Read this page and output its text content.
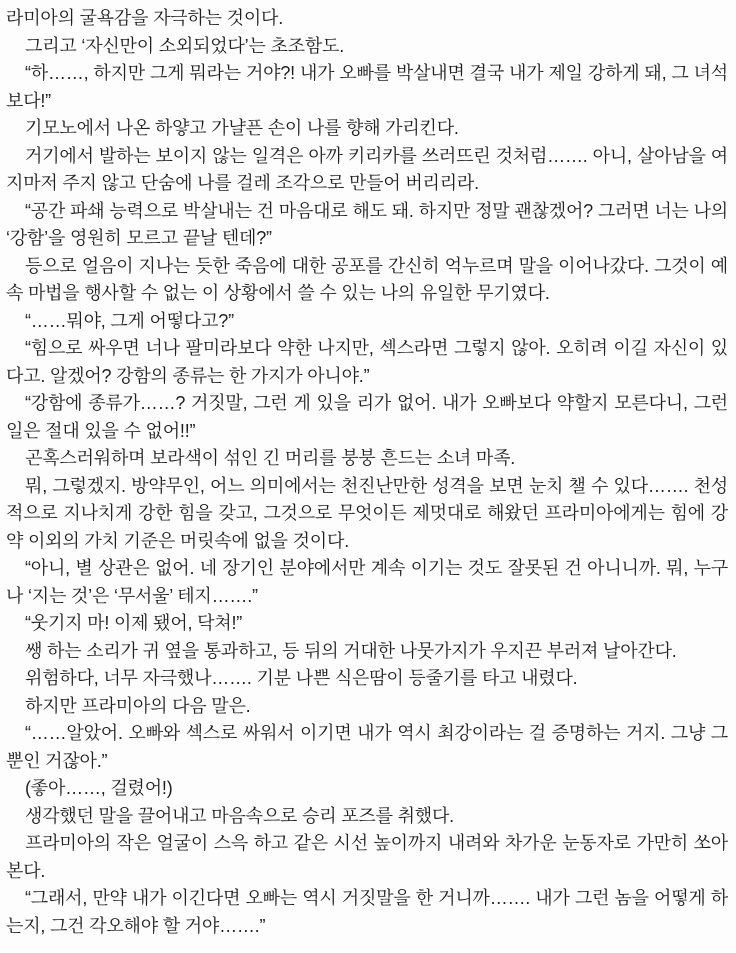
라미아의 굴욕감을 자극하는 것이다.

그리고 ‘자신만이 소외되었다’는 초조함도.

“하……, 하지만 그게 뭐라는 거야?! 내가 오빠를 박살내면 결국 내가 제일 강하게 돼, 그 녀석보다!”

기모노에서 나온 하얗고 가냘픈 손이 나를 향해 가리킨다.

거기에서 발하는 보이지 않는 일격은 아까 키리카를 쓰러뜨린 것처럼……. 아니, 살아남을 여지마저 주지 않고 단숨에 나를 걸레 조각으로 만들어 버리리라.

“공간 파쇄 능력으로 박살내는 건 마음대로 해도 돼. 하지만 정말 괜찮겠어? 그러면 너는 나의 ‘강함’을 영원히 모르고 끝날 텐데?”

등으로 얼음이 지나는 듯한 죽음에 대한 공포를 간신히 억누르며 말을 이어나갔다. 그것이 예속 마법을 행사할 수 없는 이 상황에서 쓸 수 있는 나의 유일한 무기였다.

“……뭐야, 그게 어떻다고?”

“힘으로 싸우면 너나 팔미라보다 약한 나지만, 섹스라면 그렇지 않아. 오히려 이길 자신이 있다고. 알겠어? 강함의 종류는 한 가지가 아니야.”

“강함에 종류가……? 거짓말, 그런 게 있을 리가 없어. 내가 오빠보다 약할지 모른다니, 그런 일은 절대 있을 수 없어!!”

곤혹스러워하며 보라색이 섞인 긴 머리를 붕붕 흔드는 소녀 마족.

뭐, 그렇겠지. 방약무인, 어느 의미에서는 천진난만한 성격을 보면 눈치 챌 수 있다……. 천성적으로 지나치게 강한 힘을 갖고, 그것으로 무엇이든 제멋대로 해왔던 프라미아에게는 힘에 강약 이외의 가치 기준은 머릿속에 없을 것이다.

“아니, 별 상관은 없어. 네 장기인 분야에서만 계속 이기는 것도 잘못된 건 아니니까. 뭐, 누구나 ‘지는 것’은 ‘무서울’ 테지…….”

“웃기지 마! 이제 됐어, 닥쳐!”

쌩 하는 소리가 귀 옆을 통과하고, 등 뒤의 거대한 나뭇가지가 우지끈 부러져 날아간다.

위험하다, 너무 자극했나……. 기분 나쁜 식은땀이 등줄기를 타고 내렸다.

하지만 프라미아의 다음 말은.

“……알았어. 오빠와 섹스로 싸워서 이기면 내가 역시 최강이라는 걸 증명하는 거지. 그냥 그뿐인 거잖아.”

(좋아……, 걸렸어!)

생각했던 말을 끌어내고 마음속으로 승리 포즈를 취했다.

프라미아의 작은 얼굴이 스윽 하고 같은 시선 높이까지 내려와 차가운 눈동자로 가만히 쏘아본다.

“그래서, 만약 내가 이긴다면 오빠는 역시 거짓말을 한 거니까……. 내가 그런 놈을 어떻게 하는지, 그건 각오해야 할 거야…….”
